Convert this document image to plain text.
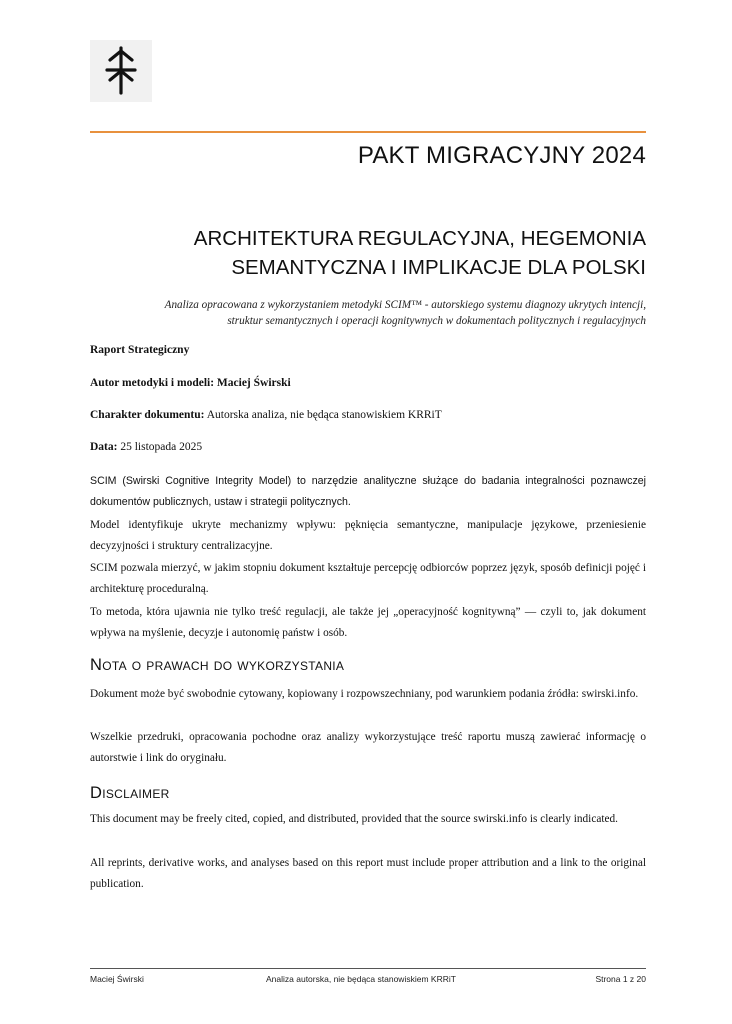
PAKT MIGRACYJNY 2024
ARCHITEKTURA REGULACYJNA, HEGEMONIA
SEMANTYCZNA I IMPLIKACJE DLA POLSKI
Analiza opracowana z wykorzystaniem metodyki SCIM™ - autorskiego systemu diagnozy ukrytych intencji,
struktur semantycznych i operacji kognitywnych w dokumentach politycznych i regulacyjnych
Raport Strategiczny
Autor metodyki i modeli: Maciej Świrski
Charakter dokumentu: Autorska analiza, nie będąca stanowiskiem KRRiT
Data: 25 listopada 2025
SCIM (Swirski Cognitive Integrity Model) to narzędzie analityczne służące do badania integralności poznawczej dokumentów publicznych, ustaw i strategii politycznych.
Model identyfikuje ukryte mechanizmy wpływu: pęknięcia semantyczne, manipulacje językowe, przeniesienie decyzyjności i struktury centralizacyjne.
SCIM pozwala mierzyć, w jakim stopniu dokument kształtuje percepcję odbiorców poprzez język, sposób definicji pojęć i architekturę proceduralną.
To metoda, która ujawnia nie tylko treść regulacji, ale także jej „operacyjność kognitywną” — czyli to, jak dokument wpływa na myślenie, decyzje i autonomię państw i osób.
Nota o prawach do wykorzystania
Dokument może być swobodnie cytowany, kopiowany i rozpowszechniany, pod warunkiem podania źródła: swirski.info.
Wszelkie przedruki, opracowania pochodne oraz analizy wykorzystujące treść raportu muszą zawierać informację o autorstwie i link do oryginału.
Disclaimer
This document may be freely cited, copied, and distributed, provided that the source swirski.info is clearly indicated.
All reprints, derivative works, and analyses based on this report must include proper attribution and a link to the original publication.
Maciej Świrski	Analiza autorska, nie będąca stanowiskiem KRRiT	Strona 1 z 20
